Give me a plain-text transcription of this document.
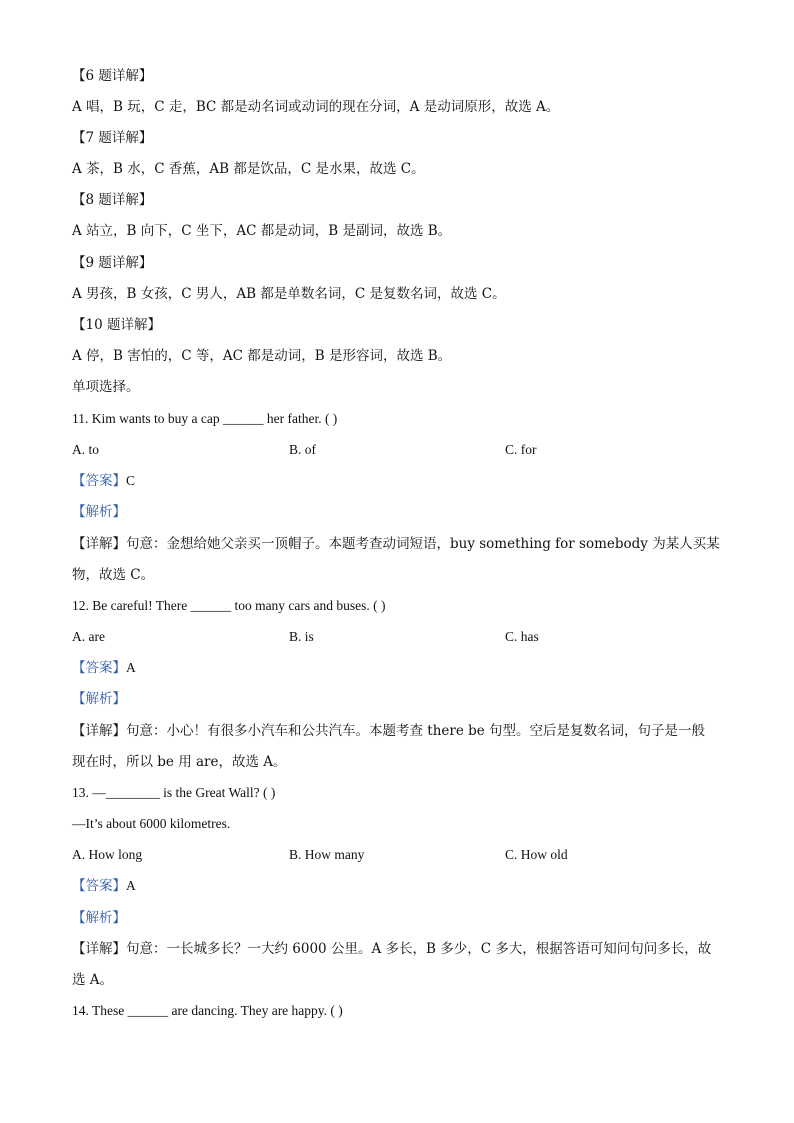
【6 题详解】
A 唱，B 玩，C 走，BC 都是动名词或动词的现在分词，A 是动词原形，故选 A。
【7 题详解】
A 茶，B 水，C 香蕉，AB 都是饮品，C 是水果，故选 C。
【8 题详解】
A 站立，B 向下，C 坐下，AC 都是动词，B 是副词，故选 B。
【9 题详解】
A 男孩，B 女孩，C 男人，AB 都是单数名词，C 是复数名词，故选 C。
【10 题详解】
A 停，B 害怕的，C 等，AC 都是动词，B 是形容词，故选 B。
单项选择。
11. Kim wants to buy a cap ______ her father. ( )
A. to	B. of	C. for
【答案】C
【解析】
【详解】句意：金想给她父亲买一顶帽子。本题考查动词短语，buy something for somebody 为某人买某
物，故选 C。
12. Be careful! There ______ too many cars and buses. ( )
A. are	B. is	C. has
【答案】A
【解析】
【详解】句意：小心！有很多小汽车和公共汽车。本题考查 there be 句型。空后是复数名词，句子是一般
现在时，所以 be 用 are，故选 A。
13. —________ is the Great Wall? ( )
—It’s about 6000 kilometres.
A. How long	B. How many	C. How old
【答案】A
【解析】
【详解】句意：一长城多长？一大约 6000 公里。A 多长，B 多少，C 多大，根据答语可知问句问多长，故
选 A。
14. These ______ are dancing. They are happy. ( )
